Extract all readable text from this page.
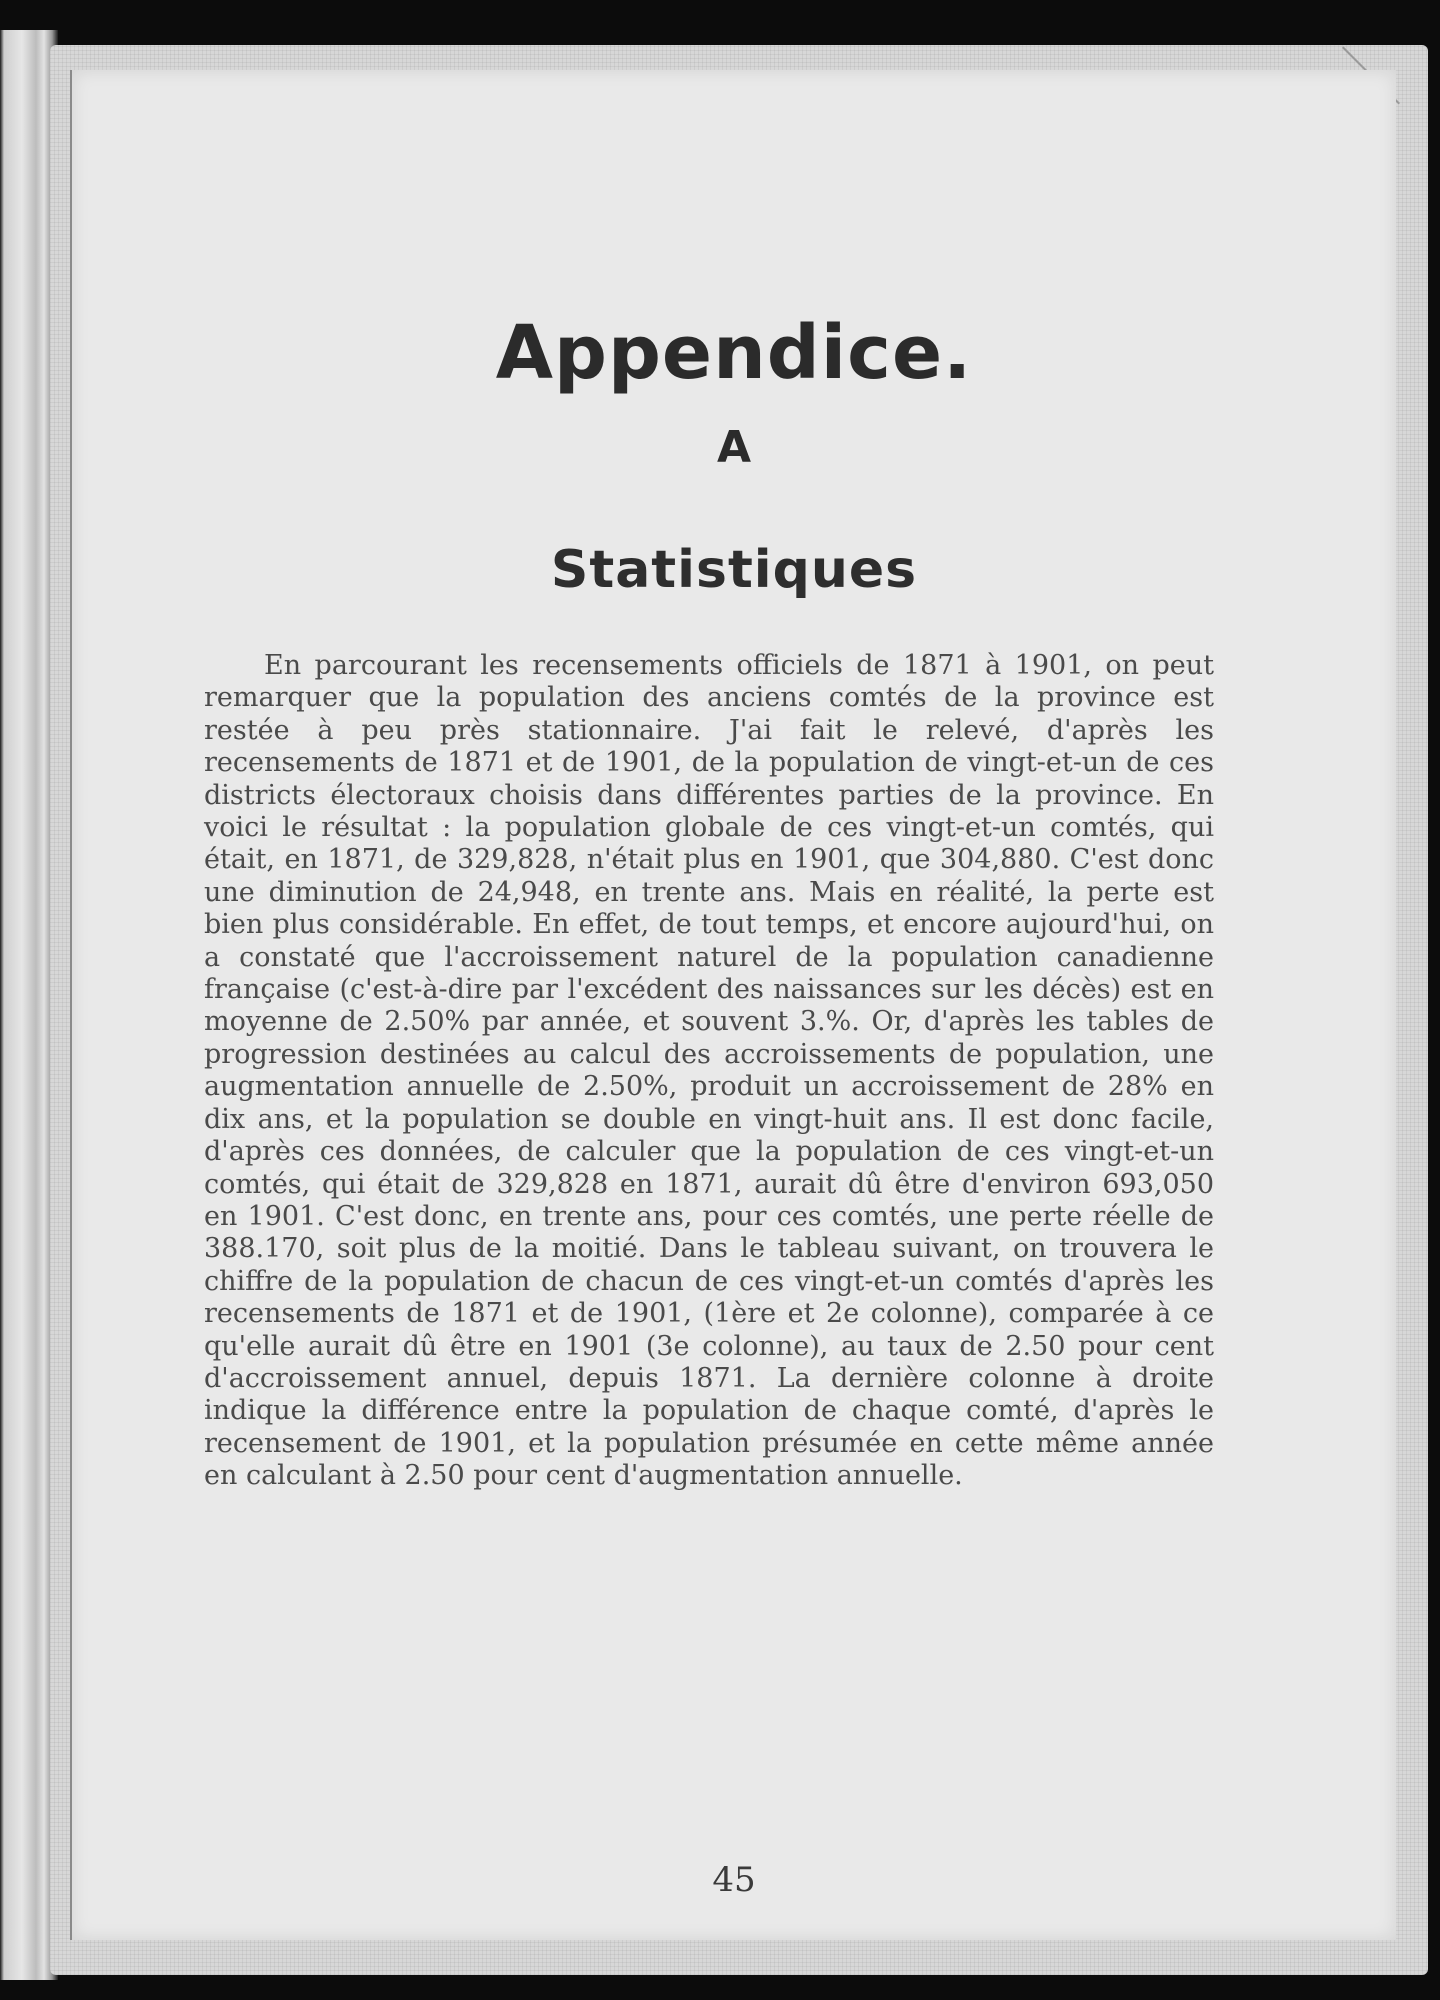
Appendice.
A
Statistiques

En parcourant les recensements officiels de 1871 à 1901, on peut remarquer que la population des anciens comtés de la province est restée à peu près stationnaire. J'ai fait le relevé, d'après les recensements de 1871 et de 1901, de la population de vingt-et-un de ces districts électoraux choisis dans différentes parties de la province. En voici le résultat : la population globale de ces vingt-et-un comtés, qui était, en 1871, de 329,828, n'était plus en 1901, que 304,880. C'est donc une diminution de 24,948, en trente ans. Mais en réalité, la perte est bien plus considérable. En effet, de tout temps, et encore aujourd'hui, on a constaté que l'accroissement naturel de la population canadienne française (c'est-à-dire par l'excédent des naissances sur les décès) est en moyenne de 2.50% par année, et souvent 3.%. Or, d'après les tables de progression destinées au calcul des accroissements de population, une augmentation annuelle de 2.50%, produit un accroissement de 28% en dix ans, et la population se double en vingt-huit ans. Il est donc facile, d'après ces données, de calculer que la population de ces vingt-et-un comtés, qui était de 329,828 en 1871, aurait dû être d'environ 693,050 en 1901. C'est donc, en trente ans, pour ces comtés, une perte réelle de 388.170, soit plus de la moitié. Dans le tableau suivant, on trouvera le chiffre de la population de chacun de ces vingt-et-un comtés d'après les recensements de 1871 et de 1901, (1ère et 2e colonne), comparée à ce qu'elle aurait dû être en 1901 (3e colonne), au taux de 2.50 pour cent d'accroissement annuel, depuis 1871. La dernière colonne à droite indique la différence entre la population de chaque comté, d'après le recensement de 1901, et la population présumée en cette même année en calculant à 2.50 pour cent d'augmentation annuelle.

45
